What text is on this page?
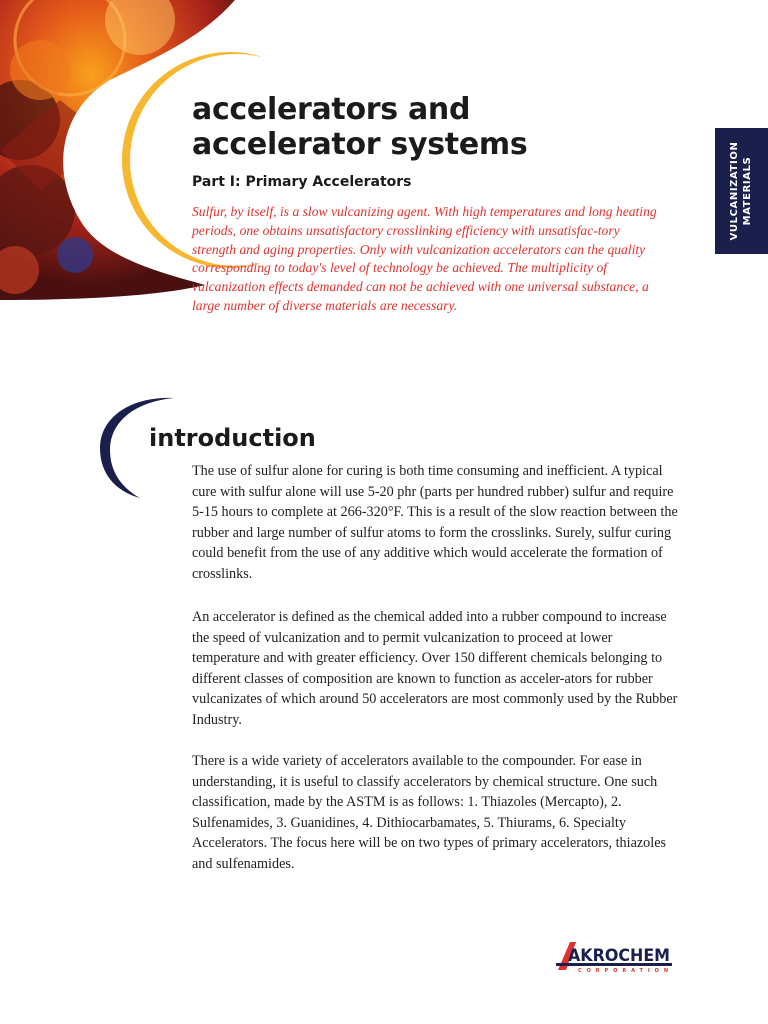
accelerators and
accelerator systems
Part I: Primary Accelerators

Sulfur, by itself, is a slow vulcanizing agent. With high temperatures and long heating periods, one obtains unsatisfactory crosslinking efficiency with unsatisfac-tory strength and aging properties. Only with vulcanization accelerators can the quality corresponding to today's level of technology be achieved. The multiplicity of vulcanization effects demanded can not be achieved with one universal substance, a large number of diverse materials are necessary.

VULCANIZATION MATERIALS
introduction

The use of sulfur alone for curing is both time consuming and inefficient. A typical cure with sulfur alone will use 5-20 phr (parts per hundred rubber) sulfur and require 5-15 hours to complete at 266-320°F. This is a result of the slow reaction between the rubber and large number of sulfur atoms to form the crosslinks. Surely, sulfur curing could benefit from the use of any additive which would accelerate the formation of crosslinks.

An accelerator is defined as the chemical added into a rubber compound to increase the speed of vulcanization and to permit vulcanization to proceed at lower temperature and with greater efficiency. Over 150 different chemicals belonging to different classes of composition are known to function as acceler-ators for rubber vulcanizates of which around 50 accelerators are most commonly used by the Rubber Industry.

There is a wide variety of accelerators available to the compounder. For ease in understanding, it is useful to classify accelerators by chemical structure. One such classification, made by the ASTM is as follows: 1. Thiazoles (Mercapto), 2. Sulfenamides, 3. Guanidines, 4. Dithiocarbamates, 5. Thiurams, 6. Specialty Accelerators. The focus here will be on two types of primary accelerators, thiazoles and sulfenamides.

AKROCHEM
CORPORATION
